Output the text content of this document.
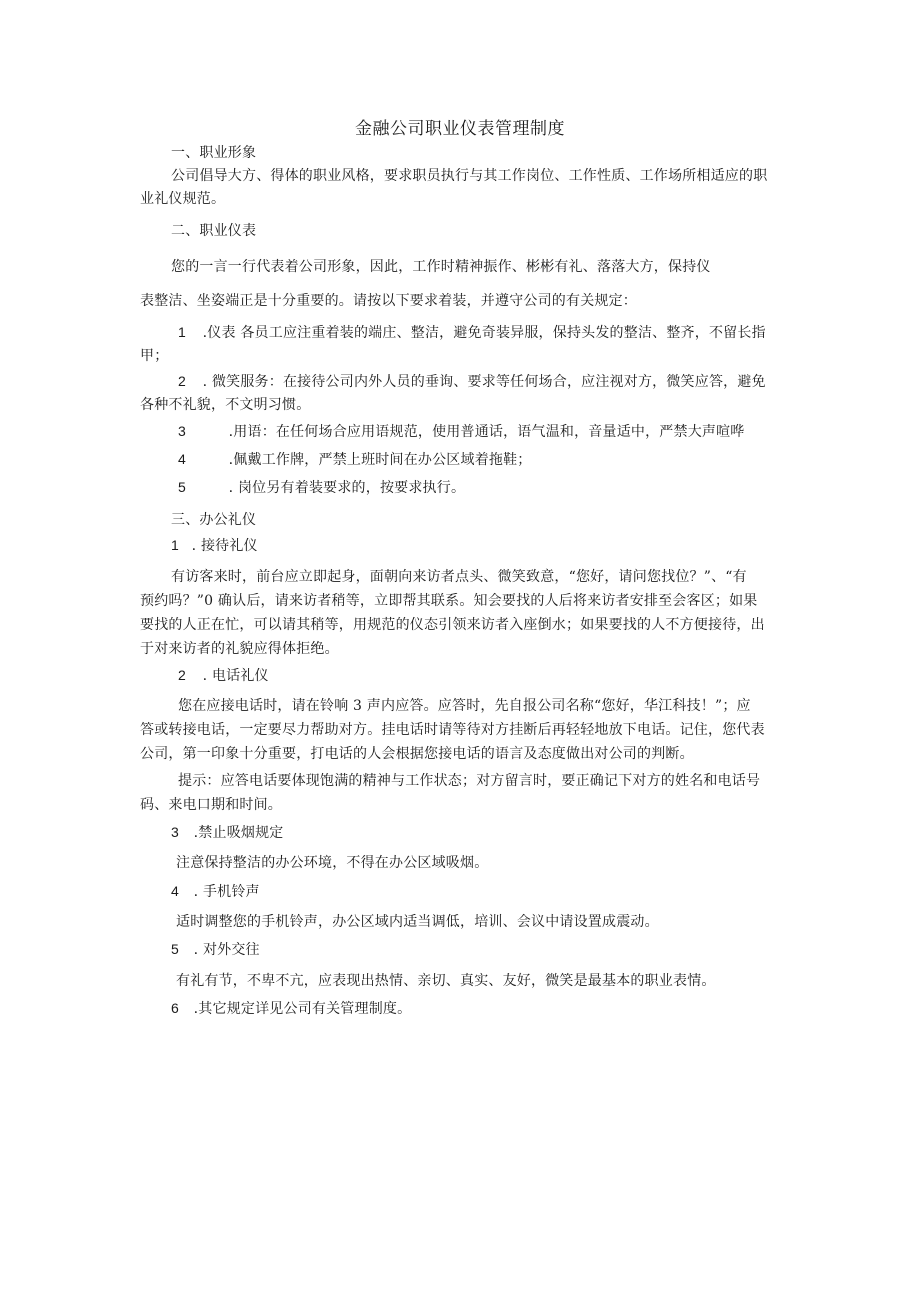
金融公司职业仪表管理制度
一、职业形象
公司倡导大方、得体的职业风格，要求职员执行与其工作岗位、工作性质、工作场所相适应的职
业礼仪规范。
二、职业仪表
您的一言一行代表着公司形象，因此，工作时精神振作、彬彬有礼、落落大方，保持仪
表整洁、坐姿端正是十分重要的。请按以下要求着装，并遵守公司的有关规定：
1 .仪表 各员工应注重着装的端庄、整洁，避免奇装异服，保持头发的整洁、整齐，不留长指
甲；
2 . 微笑服务：在接待公司内外人员的垂询、要求等任何场合，应注视对方，微笑应答，避免
各种不礼貌，不文明习惯。
3	.用语：在任何场合应用语规范，使用普通话，语气温和，音量适中，严禁大声喧哗
4	.佩戴工作牌，严禁上班时间在办公区域着拖鞋；
5	. 岗位另有着装要求的，按要求执行。
三、办公礼仪
1 . 接待礼仪
有访客来时，前台应立即起身，面朝向来访者点头、微笑致意，“您好，请问您找位？”、“有
预约吗？”0 确认后，请来访者稍等，立即帮其联系。知会要找的人后将来访者安排至会客区；如果
要找的人正在忙，可以请其稍等，用规范的仪态引领来访者入座倒水；如果要找的人不方便接待，出
于对来访者的礼貌应得体拒绝。
2 . 电话礼仪
您在应接电话时，请在铃响 3 声内应答。应答时，先自报公司名称“您好，华江科技！”；应
答或转接电话，一定要尽力帮助对方。挂电话时请等待对方挂断后再轻轻地放下电话。记住，您代表
公司，第一印象十分重要，打电话的人会根据您接电话的语言及态度做出对公司的判断。
提示：应答电话要体现饱满的精神与工作状态；对方留言时，要正确记下对方的姓名和电话号
码、来电口期和时间。
3 .禁止吸烟规定
注意保持整洁的办公环境，不得在办公区域吸烟。
4 . 手机铃声
适时调整您的手机铃声，办公区域内适当调低，培训、会议中请设置成震动。
5 . 对外交往
有礼有节，不卑不亢，应表现出热情、亲切、真实、友好，微笑是最基本的职业表情。
6 .其它规定详见公司有关管理制度。
